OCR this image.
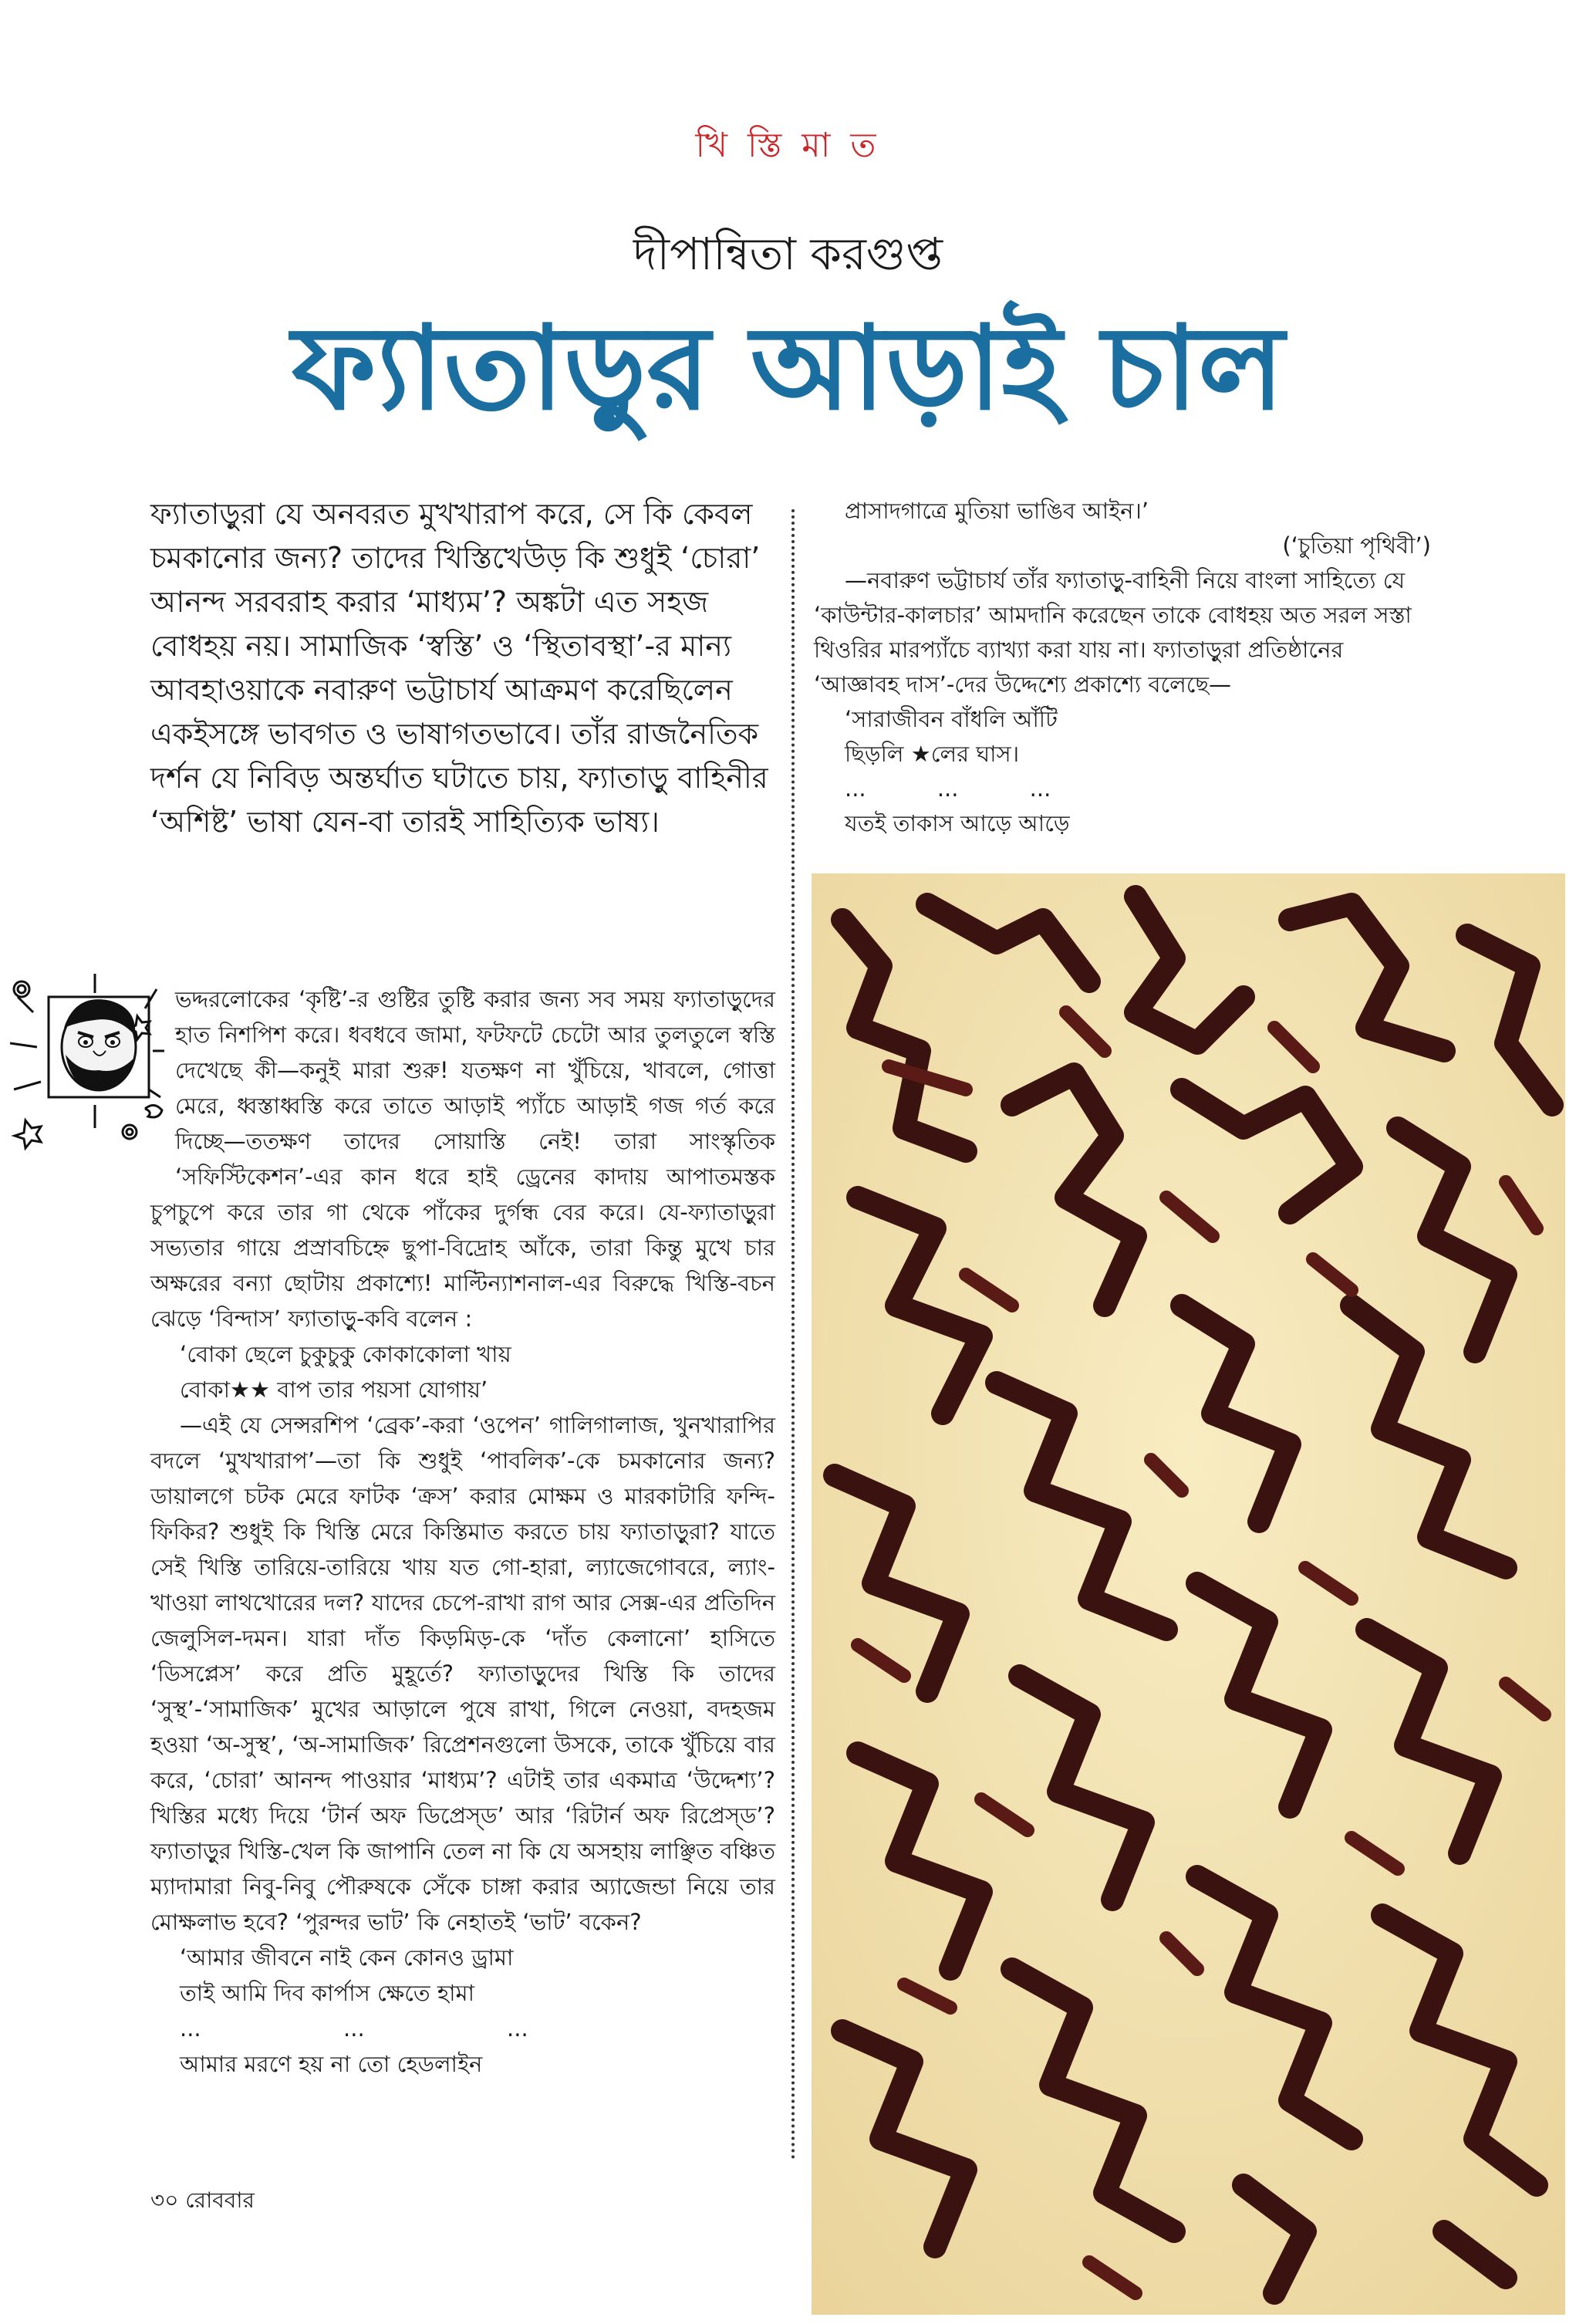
খি স্তি মা ত
দীপান্বিতা করগুপ্ত
ফ্যাতাড়ুর আড়াই চাল

ফ্যাতাড়ুরা যে অনবরত মুখখারাপ করে, সে কি কেবল চমকানোর জন্য? তাদের খিস্তিখেউড় কি শুধুই ‘চোরা’ আনন্দ সরবরাহ করার ‘মাধ্যম’? অঙ্কটা এত সহজ বোধহয় নয়। সামাজিক ‘স্বস্তি’ ও ‘স্থিতাবস্থা’-র মান্য আবহাওয়াকে নবারুণ ভট্টাচার্য আক্রমণ করেছিলেন একইসঙ্গে ভাবগত ও ভাষাগতভাবে। তাঁর রাজনৈতিক দর্শন যে নিবিড় অন্তর্ঘাত ঘটাতে চায়, ফ্যাতাড়ু বাহিনীর ‘অশিষ্ট’ ভাষা যেন-বা তারই সাহিত্যিক ভাষ্য।

প্রাসাদগাত্রে মুতিয়া ভাঙিব আইন।’

(‘চুতিয়া পৃথিবী’)

—নবারুণ ভট্টাচার্য তাঁর ফ্যাতাড়ু-বাহিনী নিয়ে বাংলা সাহিত্যে যে ‘কাউন্টার-কালচার’ আমদানি করেছেন তাকে বোধহয় অত সরল সস্তা থিওরির মারপ্যাঁচে ব্যাখ্যা করা যায় না। ফ্যাতাড়ুরা প্রতিষ্ঠানের ‘আজ্ঞাবহ দাস’-দের উদ্দেশ্যে প্রকাশ্যে বলেছে—

‘সারাজীবন বাঁধলি আঁটি

ছিড়লি ★লের ঘাস।

...          ...          ...

যতই তাকাস আড়ে আড়ে

ভদ্দরলোকের ‘কৃষ্টি’-র গুষ্টির তুষ্টি করার জন্য সব সময় ফ্যাতাড়ুদের হাত নিশপিশ করে। ধবধবে জামা, ফটফটে চেটো আর তুলতুলে স্বস্তি দেখেছে কী—কনুই মারা শুরু! যতক্ষণ না খুঁচিয়ে, খাবলে, গোত্তা মেরে, ধ্বস্তাধ্বস্তি করে তাতে আড়াই প্যাঁচে আড়াই গজ গর্ত করে দিচ্ছে—ততক্ষণ তাদের সোয়াস্তি নেই! তারা সাংস্কৃতিক ‘সফিস্টিকেশন’-এর কান ধরে হাই ড্রেনের কাদায় আপাতমস্তক চুপচুপে করে তার গা থেকে পাঁকের দুর্গন্ধ বের করে। যে-ফ্যাতাড়ুরা সভ্যতার গায়ে প্রস্রাবচিহ্নে ছুপা-বিদ্রোহ আঁকে, তারা কিন্তু মুখে চার অক্ষরের বন্যা ছোটায় প্রকাশ্যে! মাল্টিন্যাশনাল-এর বিরুদ্ধে খিস্তি-বচন ঝেড়ে ‘বিন্দাস’ ফ্যাতাড়ু-কবি বলেন :

‘বোকা ছেলে চুকুচুকু কোকাকোলা খায়

বোকা★★ বাপ তার পয়সা যোগায়’

—এই যে সেন্সরশিপ ‘ব্রেক’-করা ‘ওপেন’ গালিগালাজ, খুনখারাপির বদলে ‘মুখখারাপ’—তা কি শুধুই ‘পাবলিক’-কে চমকানোর জন্য? ডায়ালগে চটক মেরে ফাটক ‘ক্রস’ করার মোক্ষম ও মারকাটারি ফন্দি-ফিকির? শুধুই কি খিস্তি মেরে কিস্তিমাত করতে চায় ফ্যাতাড়ুরা? যাতে সেই খিস্তি তারিয়ে-তারিয়ে খায় যত গো-হারা, ল্যাজেগোবরে, ল্যাং-খাওয়া লাথখোরের দল? যাদের চেপে-রাখা রাগ আর সেক্স-এর প্রতিদিন জেলুসিল-দমন। যারা দাঁত কিড়মিড়-কে ‘দাঁত কেলানো’ হাসিতে ‘ডিসপ্লেস’ করে প্রতি মুহূর্তে? ফ্যাতাড়ুদের খিস্তি কি তাদের ‘সুস্থ’-‘সামাজিক’ মুখের আড়ালে পুষে রাখা, গিলে নেওয়া, বদহজম হওয়া ‘অ-সুস্থ’, ‘অ-সামাজিক’ রিপ্রেশনগুলো উসকে, তাকে খুঁচিয়ে বার করে, ‘চোরা’ আনন্দ পাওয়ার ‘মাধ্যম’? এটাই তার একমাত্র ‘উদ্দেশ্য’? খিস্তির মধ্যে দিয়ে ‘টার্ন অফ ডিপ্রেস্‌ড’ আর ‘রিটার্ন অফ রিপ্রেস্‌ড’? ফ্যাতাড়ুর খিস্তি-খেল কি জাপানি তেল না কি যে অসহায় লাঞ্ছিত বঞ্চিত ম্যাদামারা নিবু-নিবু পৌরুষকে সেঁকে চাঙ্গা করার অ্যাজেন্ডা নিয়ে তার মোক্ষলাভ হবে? ‘পুরন্দর ভাট’ কি নেহাতই ‘ভাট’ বকেন?

‘আমার জীবনে নাই কেন কোনও ড্রামা

তাই আমি দিব কার্পাস ক্ষেতে হামা

...                    ...                    ...

আমার মরণে হয় না তো হেডলাইন

৩০ রোববার
